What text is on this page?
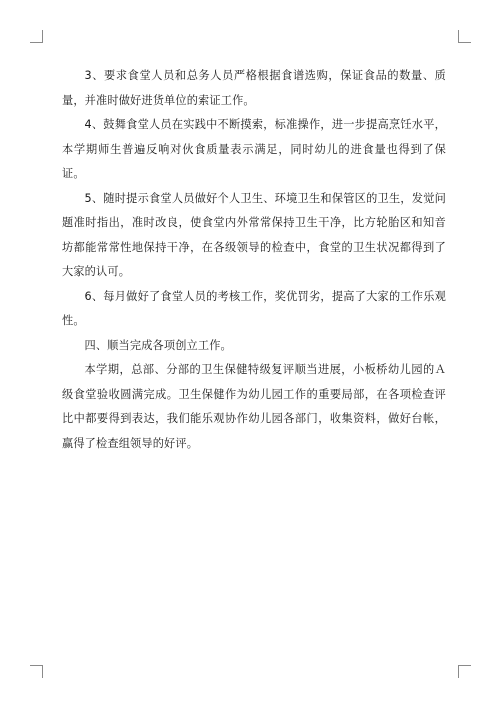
3、要求食堂人员和总务人员严格根据食谱选购，保证食品的数量、质量，并准时做好进货单位的索证工作。

4、鼓舞食堂人员在实践中不断摸索，标准操作，进一步提高烹饪水平，本学期师生普遍反响对伙食质量表示满足，同时幼儿的进食量也得到了保证。

5、随时提示食堂人员做好个人卫生、环境卫生和保管区的卫生，发觉问题准时指出，准时改良，使食堂内外常常保持卫生干净，比方轮胎区和知音坊都能常常性地保持干净，在各级领导的检查中，食堂的卫生状况都得到了大家的认可。

6、每月做好了食堂人员的考核工作，奖优罚劣，提高了大家的工作乐观性。

四、顺当完成各项创立工作。

本学期，总部、分部的卫生保健特级复评顺当进展，小板桥幼儿园的Ａ级食堂验收圆满完成。卫生保健作为幼儿园工作的重要局部，在各项检查评比中都要得到表达，我们能乐观协作幼儿园各部门，收集资料，做好台帐，赢得了检查组领导的好评。
